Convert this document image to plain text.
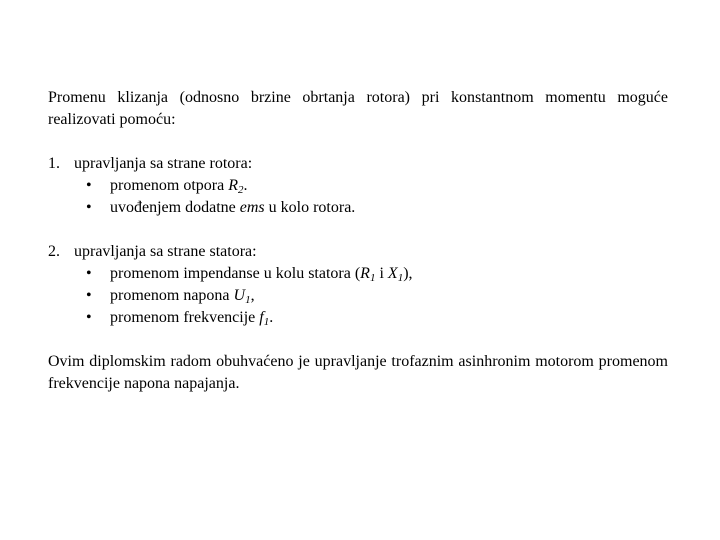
Promenu klizanja (odnosno brzine obrtanja rotora) pri konstantnom momentu moguće realizovati pomoću:

1. upravljanja sa strane rotora:
•	promenom otpora $R_2$.
•	uvođenjem dodatne ems u kolo rotora.
2. upravljanja sa strane statora:
•	promenom impendanse u kolu statora ($R_1$ i $X_1$),
•	promenom napona $U_1$,
•	promenom frekvencije $f_1$.

Ovim diplomskim radom obuhvaćeno je upravljanje trofaznim asinhronim motorom promenom frekvencije napona napajanja.
